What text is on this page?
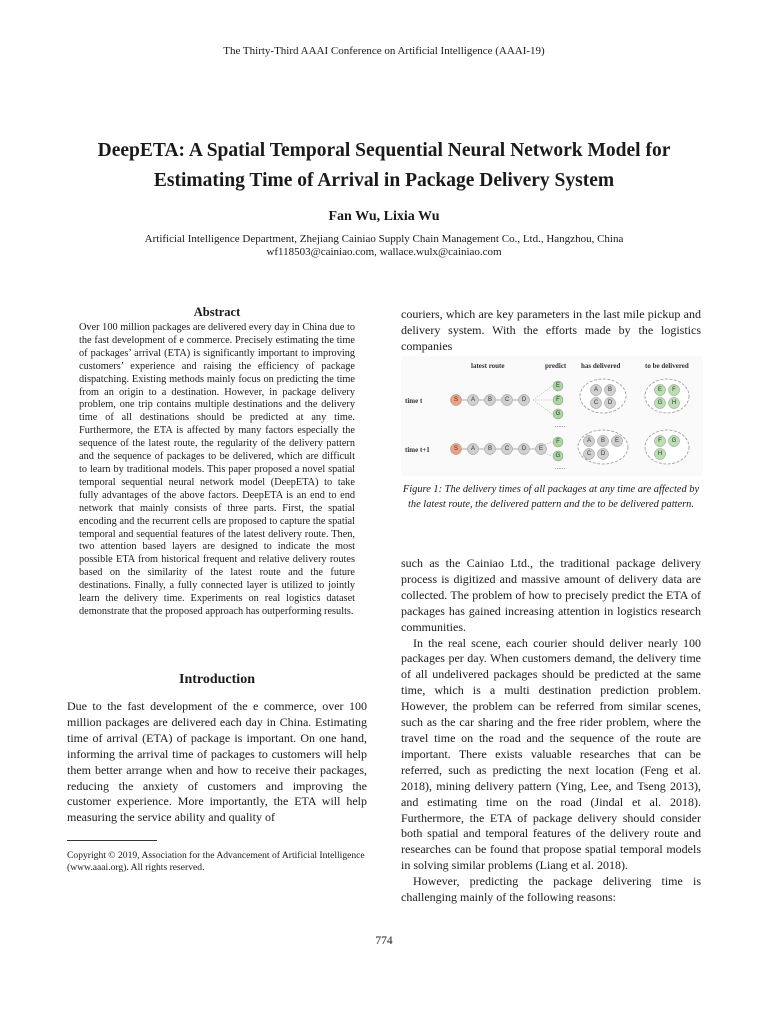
The Thirty-Third AAAI Conference on Artificial Intelligence (AAAI-19)
DeepETA: A Spatial Temporal Sequential Neural Network Model for Estimating Time of Arrival in Package Delivery System
Fan Wu, Lixia Wu
Artificial Intelligence Department, Zhejiang Cainiao Supply Chain Management Co., Ltd., Hangzhou, China
wf118503@cainiao.com, wallace.wulx@cainiao.com
Abstract
Over 100 million packages are delivered every day in China due to the fast development of e commerce. Precisely estimating the time of packages’ arrival (ETA) is significantly important to improving customers’ experience and raising the efficiency of package dispatching. Existing methods mainly focus on predicting the time from an origin to a destination. However, in package delivery problem, one trip contains multiple destinations and the delivery time of all destinations should be predicted at any time. Furthermore, the ETA is affected by many factors especially the sequence of the latest route, the regularity of the delivery pattern and the sequence of packages to be delivered, which are difficult to learn by traditional models. This paper proposed a novel spatial temporal sequential neural network model (DeepETA) to take fully advantages of the above factors. DeepETA is an end to end network that mainly consists of three parts. First, the spatial encoding and the recurrent cells are proposed to capture the spatial temporal and sequential features of the latest delivery route. Then, two attention based layers are designed to indicate the most possible ETA from historical frequent and relative delivery routes based on the similarity of the latest route and the future destinations. Finally, a fully connected layer is utilized to jointly learn the delivery time. Experiments on real logistics dataset demonstrate that the proposed approach has outperforming results.
Introduction
Due to the fast development of the e commerce, over 100 million packages are delivered each day in China. Estimating time of arrival (ETA) of package is important. On one hand, informing the arrival time of packages to customers will help them better arrange when and how to receive their packages, reducing the anxiety of customers and improving the customer experience. More importantly, the ETA will help measuring the service ability and quality of
Copyright © 2019, Association for the Advancement of Artificial Intelligence (www.aaai.org). All rights reserved.
couriers, which are key parameters in the last mile pickup and delivery system. With the efforts made by the logistics companies
latest route	predict has delivered	to be delivered
time t
time t+1
S A B C D
S A B C D E
E
F
G
......
F
G
......
A B
C D
A B E
C D
E F
G H
F G
H
Figure 1: The delivery times of all packages at any time are affected by the latest route, the delivered pattern and the to be delivered pattern.

such as the Cainiao Ltd., the traditional package delivery process is digitized and massive amount of delivery data are collected. The problem of how to precisely predict the ETA of packages has gained increasing attention in logistics research communities.

In the real scene, each courier should deliver nearly 100 packages per day. When customers demand, the delivery time of all undelivered packages should be predicted at the same time, which is a multi destination prediction problem. However, the problem can be referred from similar scenes, such as the car sharing and the free rider problem, where the travel time on the road and the sequence of the route are important. There exists valuable researches that can be referred, such as predicting the next location (Feng et al. 2018), mining delivery pattern (Ying, Lee, and Tseng 2013), and estimating time on the road (Jindal et al. 2018). Furthermore, the ETA of package delivery should consider both spatial and temporal features of the delivery route and researches can be found that propose spatial temporal models in solving similar problems (Liang et al. 2018).

However, predicting the package delivering time is challenging mainly of the following reasons:

774
